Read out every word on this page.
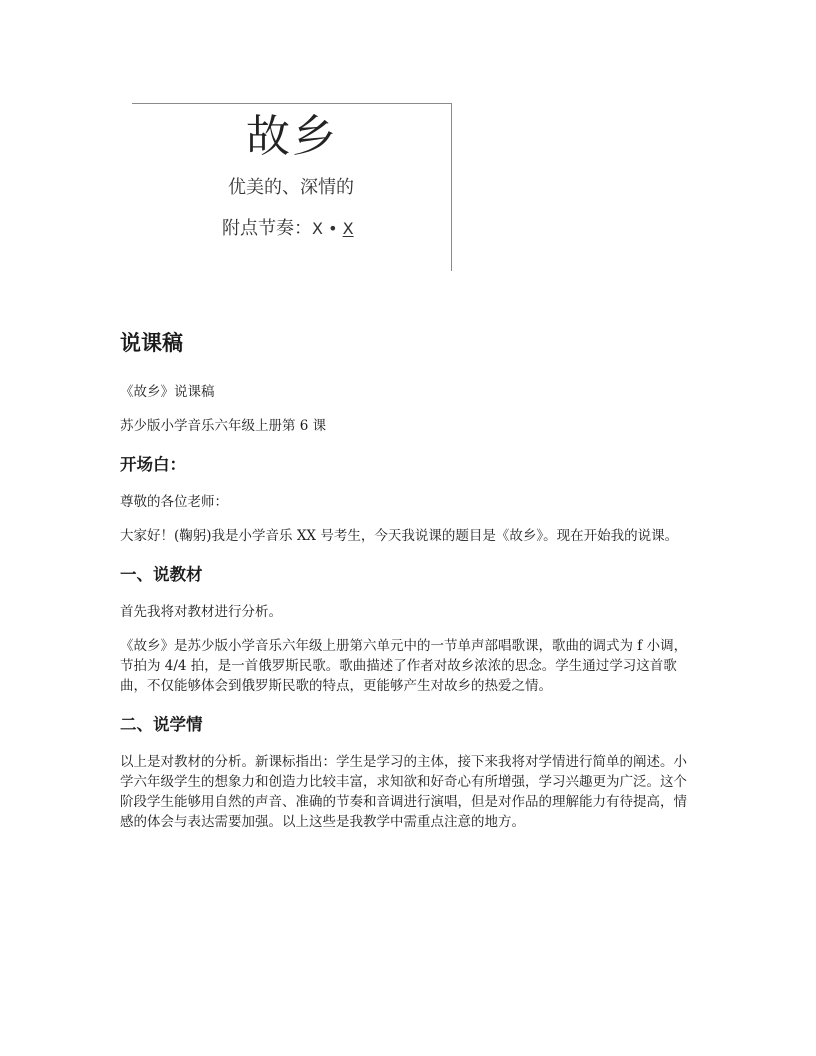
故乡
优美的、深情的
附点节奏：X • X
说课稿

《故乡》说课稿

苏少版小学音乐六年级上册第 6 课

开场白：

尊敬的各位老师：

大家好！(鞠躬)我是小学音乐 XX 号考生，今天我说课的题目是《故乡》。现在开始我的说课。

一、说教材

首先我将对教材进行分析。

《故乡》是苏少版小学音乐六年级上册第六单元中的一节单声部唱歌课，歌曲的调式为 f 小调，节拍为 4/4 拍，是一首俄罗斯民歌。歌曲描述了作者对故乡浓浓的思念。学生通过学习这首歌曲，不仅能够体会到俄罗斯民歌的特点，更能够产生对故乡的热爱之情。

二、说学情

以上是对教材的分析。新课标指出：学生是学习的主体，接下来我将对学情进行简单的阐述。小学六年级学生的想象力和创造力比较丰富，求知欲和好奇心有所增强，学习兴趣更为广泛。这个阶段学生能够用自然的声音、准确的节奏和音调进行演唱，但是对作品的理解能力有待提高，情感的体会与表达需要加强。以上这些是我教学中需重点注意的地方。
